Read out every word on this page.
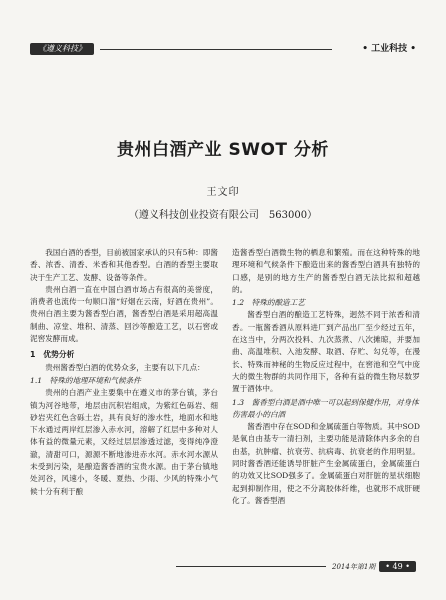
《遵义科技》	• 工业科技 •
贵州白酒产业 SWOT 分析
王文印
（遵义科技创业投资有限公司　563000）

我国白酒的香型，目前被国家承认的只有5种：即酱香、浓香、清香、米香和其他香型。白酒的香型主要取决于生产工艺、发酵、设备等条件。

贵州白酒一直在中国白酒市场占有很高的美誉度，消费者也流传一句顺口溜“好烟在云南，好酒在贵州”。贵州白酒主要为酱香型白酒，酱香型白酒是采用超高温制曲、凉堂、堆积、清蒸、回沙等酿造工艺，以石窖或泥窖发酵而成。

1　优势分析

贵州酱香型白酒的优势众多，主要有以下几点：

1.1　特殊的地理环境和气候条件

贵州的白酒产业主要集中在遵义市的茅台镇，茅台镇为河谷地带，地层由沉积岩组成，为紫红色砾岩、细砂岩夹红色含砾土岩，具有良好的渗水性，地面水和地下水通过两岸红层渗入赤水河，溶解了红层中多种对人体有益的微量元素，又经过层层渗透过滤，变得纯净澄澈，清甜可口，源源不断地渗进赤水河。赤水河水源从未受到污染，是酿造酱香酒的宝贵水源。由于茅台镇地处河谷，风速小，冬暖、夏热、少雨、少风的特殊小气候十分有利于酿

造酱香型白酒微生物的栖息和繁殖。而在这种特殊的地理环境和气候条件下酿造出来的酱香型白酒具有独特的口感，是别的地方生产的酱香型白酒无法比拟和超越的。

1.2　特殊的酿造工艺

酱香型白酒的酿造工艺特殊，迥然不同于浓香和清香。一瓶酱香酒从原料进厂到产品出厂至少经过五年，在这当中，分两次投料、九次蒸煮、八次摊晾，并要加曲、高温堆积、入池发酵、取酒、存贮、勾兑等，在漫长、特殊而神秘的生物反应过程中，在窖池和空气中庞大的微生物群的共同作用下，各种有益的微生物尽数罗置于酒体中。

1.3　酱香型白酒是酒中唯一可以起到保健作用，对身体伤害最小的白酒

酱香酒中存在SOD和金属硫蛋白等物质。其中SOD是氧自由基专一清扫剂，主要功能是清除体内多余的自由基，抗肿瘤、抗衰劳、抗病毒、抗衰老的作用明显。同时酱香酒还能诱导肝脏产生金属硫蛋白，金属硫蛋白的功效又比SOD强多了。金属硫蛋白对肝脏的星状细胞起到抑制作用，使之不分离胶体纤维，也就形不成肝硬化了。酱香型酒

2014年第1期	• 49 •
